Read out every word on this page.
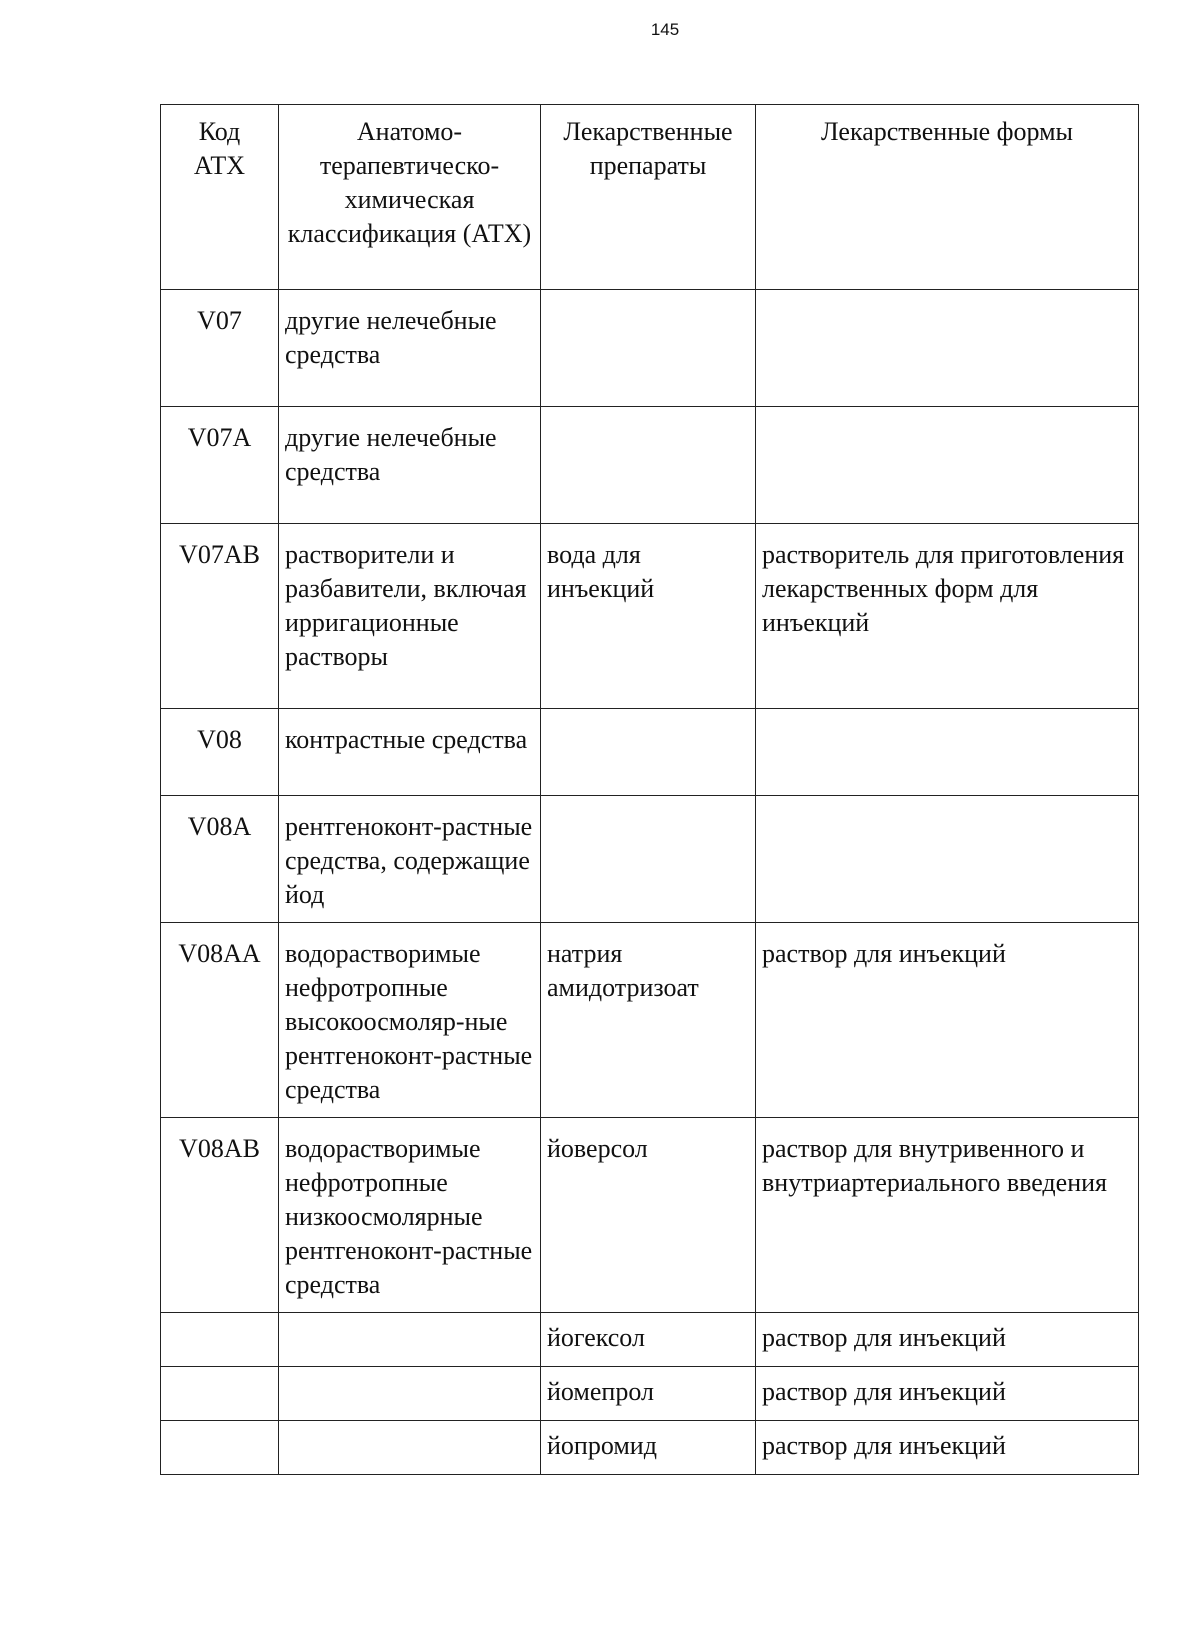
145
Код АТХ	Анатомо-терапевтическо-химическая классификация (АТХ)	Лекарственные препараты	Лекарственные формы
V07	другие нелечебные средства		
V07A	другие нелечебные средства		
V07AB	растворители и разбавители, включая ирригационные растворы	вода для инъекций	растворитель для приготовления лекарственных форм для инъекций
V08	контрастные средства		
V08A	рентгеноконт-растные средства, содержащие йод		
V08AA	водорастворимые нефротропные высокоосмоляр-ные рентгеноконт-растные средства	натрия амидотризоат	раствор для инъекций
V08AB	водорастворимые нефротропные низкоосмолярные рентгеноконт-растные средства	йоверсол	раствор для внутривенного и внутриартериального введения
		йогексол	раствор для инъекций
		йомепрол	раствор для инъекций
		йопромид	раствор для инъекций
